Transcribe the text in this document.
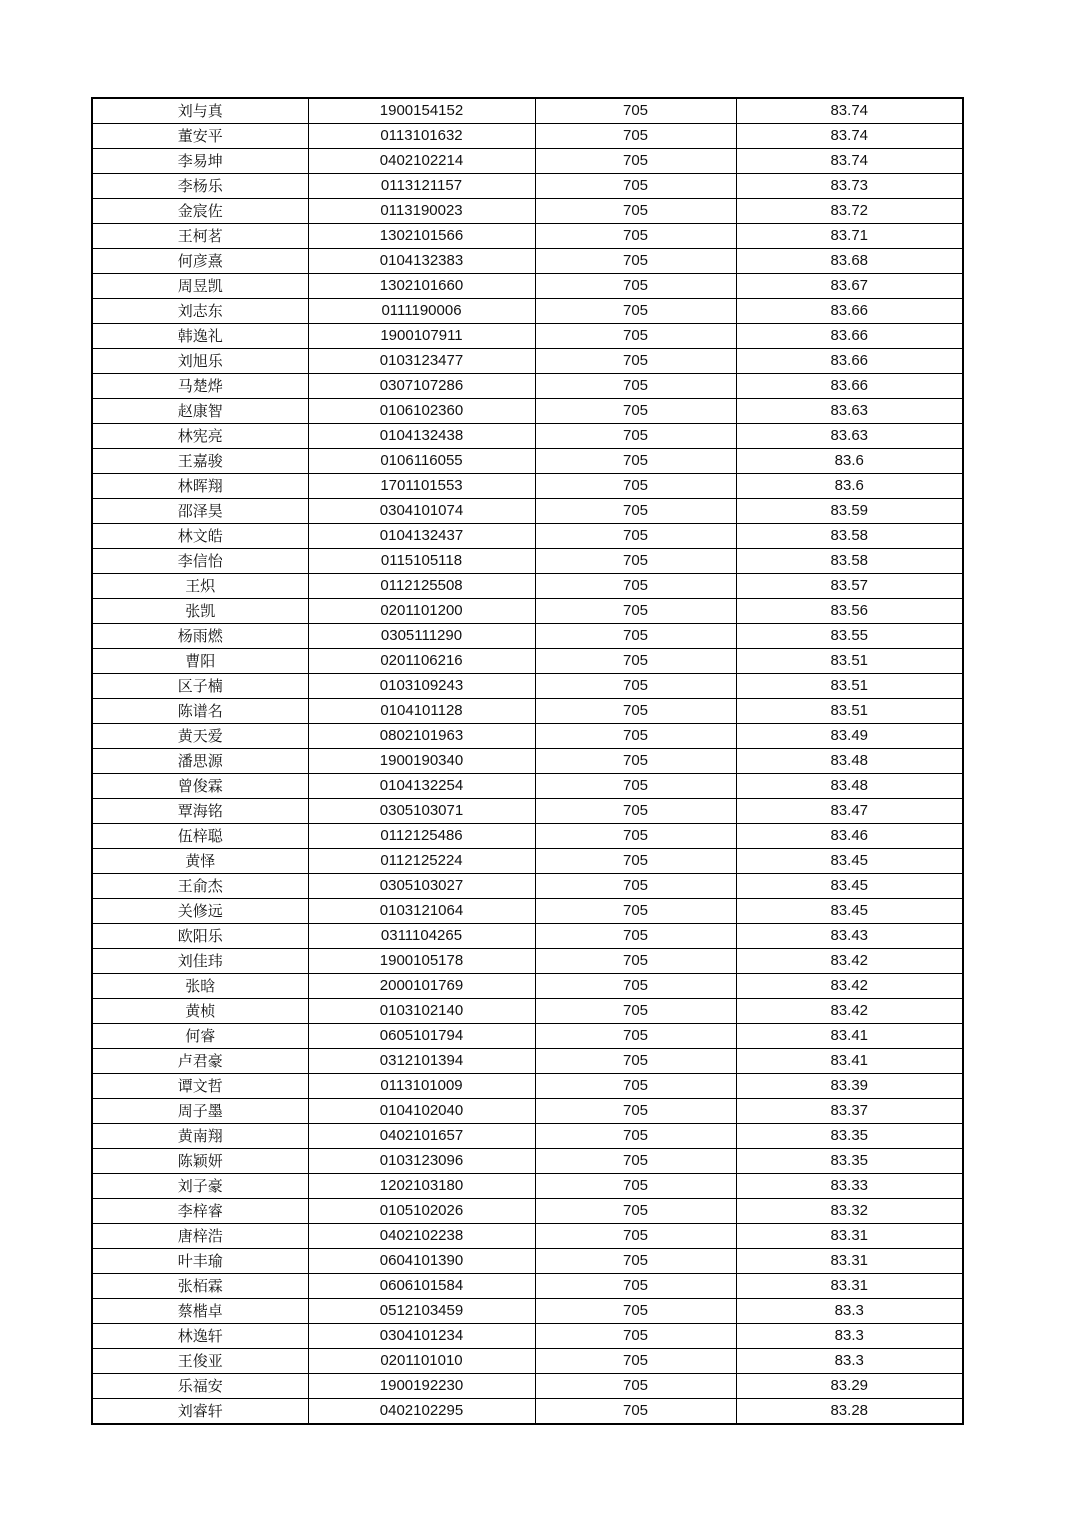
刘与真	1900154152	705	83.74
董安平	0113101632	705	83.74
李易坤	0402102214	705	83.74
李杨乐	0113121157	705	83.73
金宸佐	0113190023	705	83.72
王柯茗	1302101566	705	83.71
何彦熹	0104132383	705	83.68
周昱凯	1302101660	705	83.67
刘志东	0111190006	705	83.66
韩逸礼	1900107911	705	83.66
刘旭乐	0103123477	705	83.66
马楚烨	0307107286	705	83.66
赵康智	0106102360	705	83.63
林宪亮	0104132438	705	83.63
王嘉骏	0106116055	705	83.6
林晖翔	1701101553	705	83.6
邵泽昊	0304101074	705	83.59
林文皓	0104132437	705	83.58
李信怡	0115105118	705	83.58
王炽	0112125508	705	83.57
张凯	0201101200	705	83.56
杨雨燃	0305111290	705	83.55
曹阳	0201106216	705	83.51
区子楠	0103109243	705	83.51
陈谱名	0104101128	705	83.51
黄天爱	0802101963	705	83.49
潘思源	1900190340	705	83.48
曾俊霖	0104132254	705	83.48
覃海铭	0305103071	705	83.47
伍梓聪	0112125486	705	83.46
黄怿	0112125224	705	83.45
王俞杰	0305103027	705	83.45
关修远	0103121064	705	83.45
欧阳乐	0311104265	705	83.43
刘佳玮	1900105178	705	83.42
张晗	2000101769	705	83.42
黄桢	0103102140	705	83.42
何睿	0605101794	705	83.41
卢君豪	0312101394	705	83.41
谭文哲	0113101009	705	83.39
周子墨	0104102040	705	83.37
黄南翔	0402101657	705	83.35
陈颖妍	0103123096	705	83.35
刘子豪	1202103180	705	83.33
李梓睿	0105102026	705	83.32
唐梓浩	0402102238	705	83.31
叶丰瑜	0604101390	705	83.31
张栢霖	0606101584	705	83.31
蔡楷卓	0512103459	705	83.3
林逸轩	0304101234	705	83.3
王俊亚	0201101010	705	83.3
乐福安	1900192230	705	83.29
刘睿轩	0402102295	705	83.28
